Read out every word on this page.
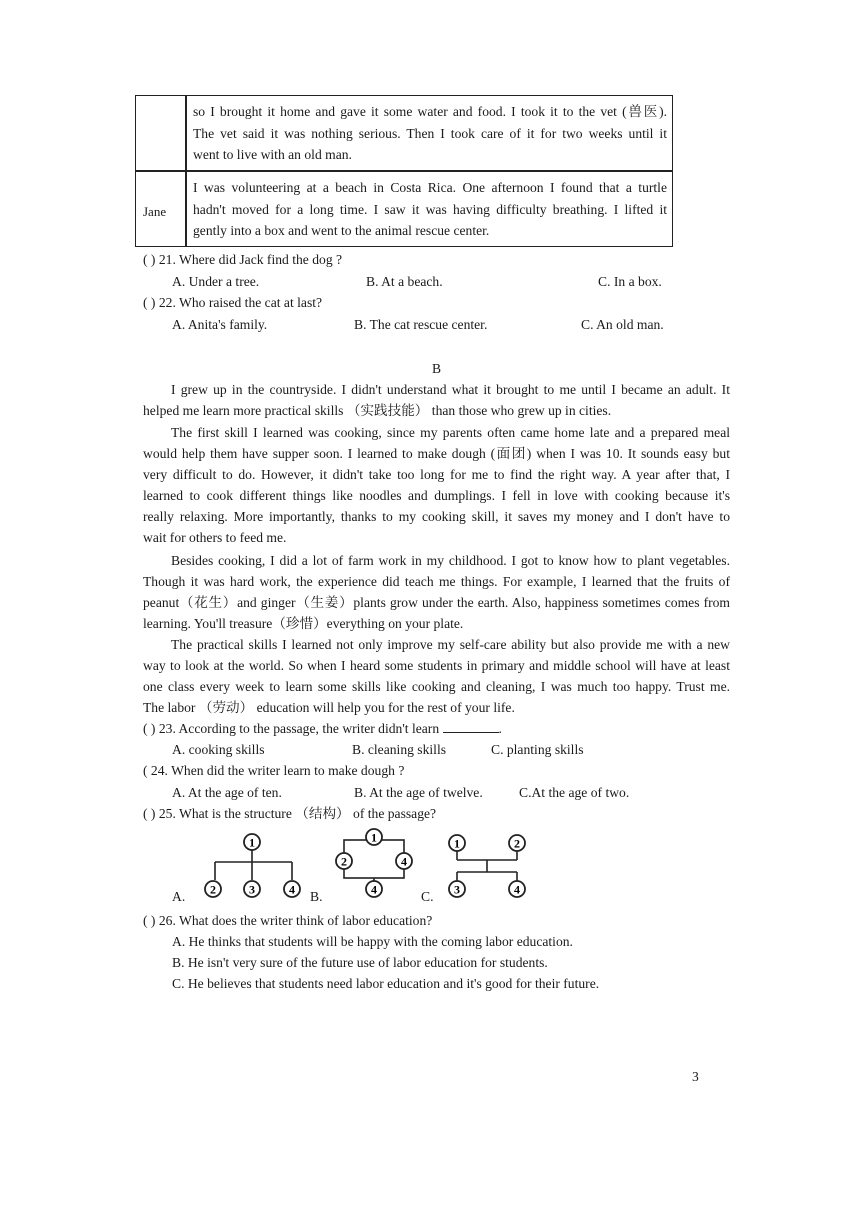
so I brought it home and gave it some water and food. I took it to the vet (兽医).
The vet said it was nothing serious. Then I took care of it for two weeks until it
went to live with an old man.
Jane
I was volunteering at a beach in Costa Rica. One afternoon I found that a turtle
hadn't moved for a long time. I saw it was having difficulty breathing. I lifted it
gently into a box and went to the animal rescue center.
( ) 21. Where did Jack find the dog ?
A. Under a tree.	B. At a beach.	C. In a box.
( ) 22. Who raised the cat at last?
A. Anita's family.	B. The cat rescue center.	C. An old man.
B
I grew up in the countryside. I didn't understand what it brought to me until I became an adult. It
helped me learn more practical skills （实践技能） than those who grew up in cities.
The first skill I learned was cooking, since my parents often came home late and a prepared meal
would help them have supper soon. I learned to make dough (面团) when I was 10. It sounds easy but
very difficult to do. However, it didn't take too long for me to find the right way. A year after that, I
learned to cook different things like noodles and dumplings. I fell in love with cooking because it's
really relaxing. More importantly, thanks to my cooking skill, it saves my money and I don't have to
wait for others to feed me.
Besides cooking, I did a lot of farm work in my childhood. I got to know how to plant vegetables.
Though it was hard work, the experience did teach me things. For example, I learned that the fruits of
peanut（花生）and ginger（生姜）plants grow under the earth. Also, happiness sometimes comes from
learning. You'll treasure（珍惜）everything on your plate.
The practical skills I learned not only improve my self-care ability but also provide me with a new
way to look at the world. So when I heard some students in primary and middle school will have at least
one class every week to learn some skills like cooking and cleaning, I was much too happy. Trust me.
The labor （劳动） education will help you for the rest of your life.
( ) 23. According to the passage, the writer didn't learn	.
A. cooking skills	B. cleaning skills	C. planting skills
( 24. When did the writer learn to make dough ?
A. At the age of ten.	B. At the age of twelve.	C.At the age of two.
( ) 25. What is the structure （结构） of the passage?
A.	B.	C.
1
2	3	4
1
2	4
4
1	2
3	4
( ) 26. What does the writer think of labor education?
A. He thinks that students will be happy with the coming labor education.
B. He isn't very sure of the future use of labor education for students.
C. He believes that students need labor education and it's good for their future.
3
